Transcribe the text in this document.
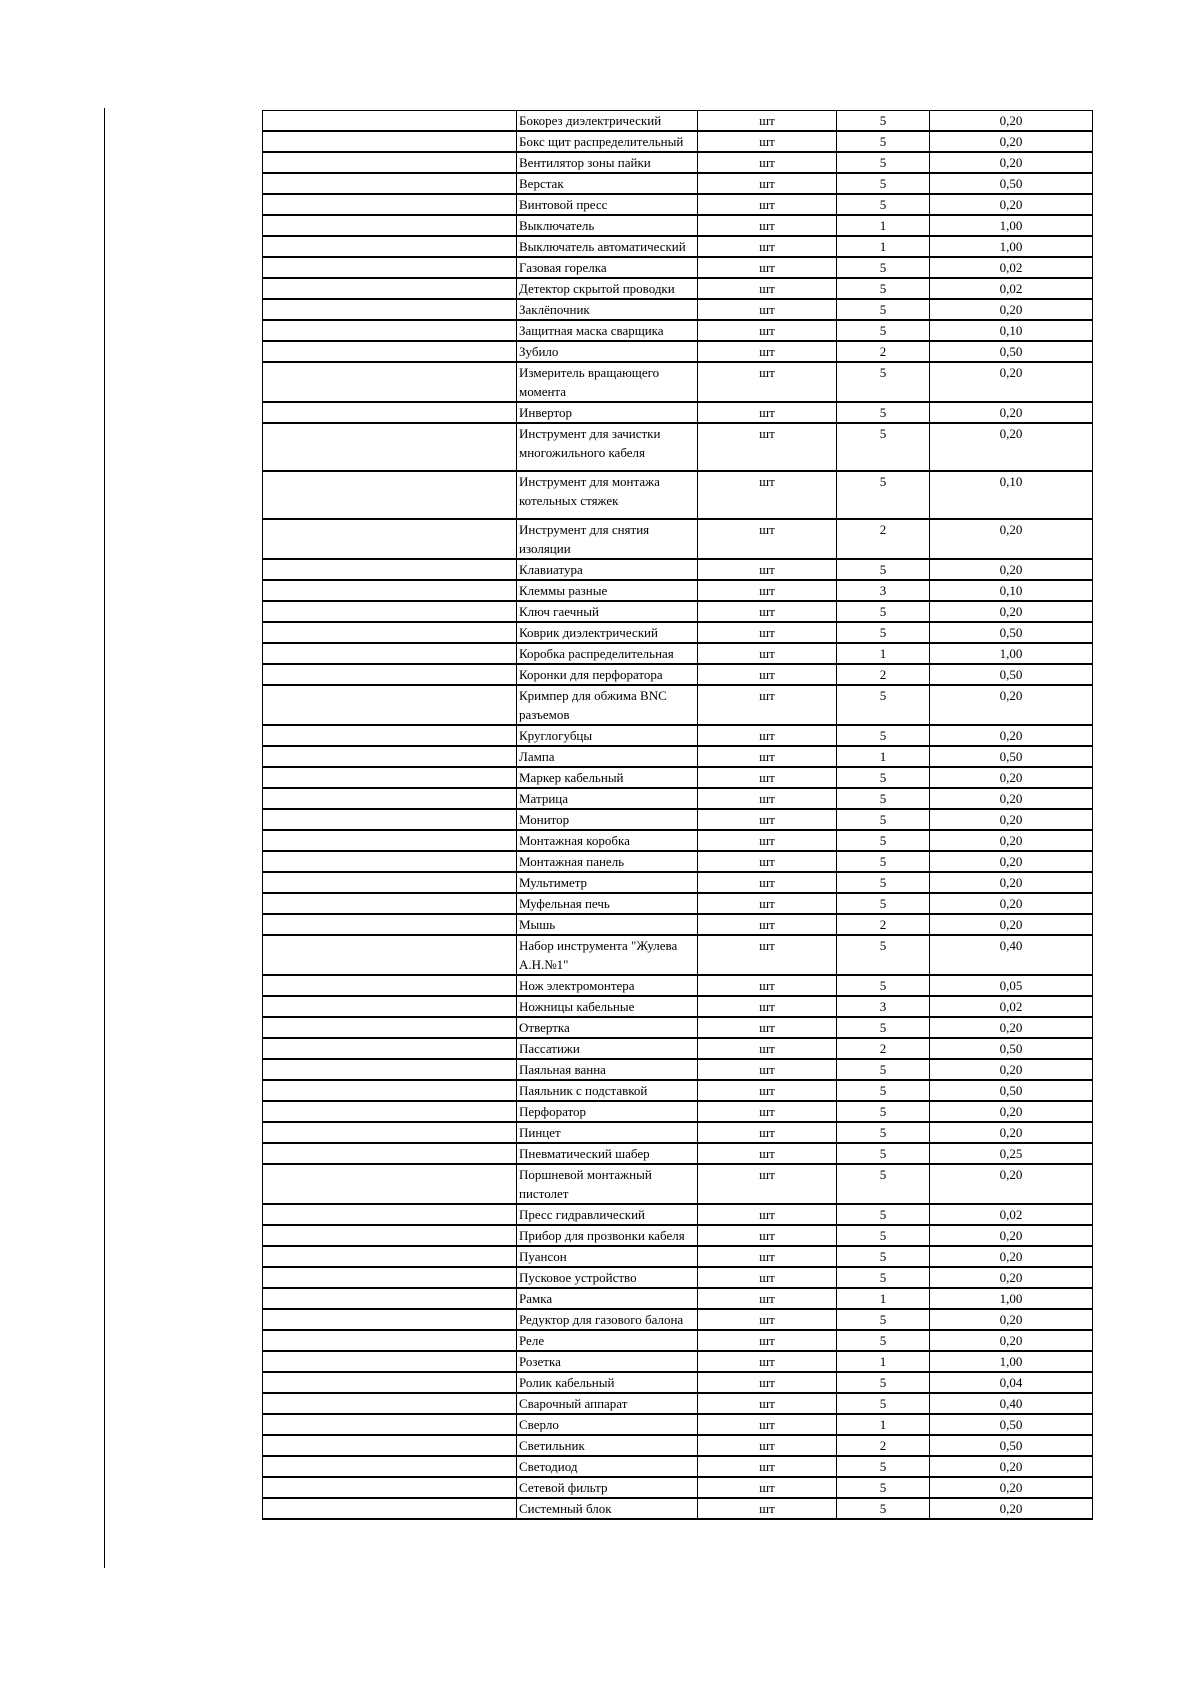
	Бокорез диэлектрический	шт	5	0,20
	Бокс щит распределительный	шт	5	0,20
	Вентилятор зоны пайки	шт	5	0,20
	Верстак	шт	5	0,50
	Винтовой пресс	шт	5	0,20
	Выключатель	шт	1	1,00
	Выключатель автоматический	шт	1	1,00
	Газовая горелка	шт	5	0,02
	Детектор скрытой проводки	шт	5	0,02
	Заклёпочник	шт	5	0,20
	Защитная маска сварщика	шт	5	0,10
	Зубило	шт	2	0,50
	Измеритель вращающего момента	шт	5	0,20
	Инвертор	шт	5	0,20
	Инструмент для зачистки многожильного кабеля	шт	5	0,20
	Инструмент для монтажа котельных стяжек	шт	5	0,10
	Инструмент для снятия изоляции	шт	2	0,20
	Клавиатура	шт	5	0,20
	Клеммы разные	шт	3	0,10
	Ключ гаечный	шт	5	0,20
	Коврик диэлектрический	шт	5	0,50
	Коробка распределительная	шт	1	1,00
	Коронки для перфоратора	шт	2	0,50
	Кримпер для обжима BNC разъемов	шт	5	0,20
	Круглогубцы	шт	5	0,20
	Лампа	шт	1	0,50
	Маркер кабельный	шт	5	0,20
	Матрица	шт	5	0,20
	Монитор	шт	5	0,20
	Монтажная коробка	шт	5	0,20
	Монтажная панель	шт	5	0,20
	Мультиметр	шт	5	0,20
	Муфельная печь	шт	5	0,20
	Мышь	шт	2	0,20
	Набор инструмента "Жулева А.Н.№1"	шт	5	0,40
	Нож электромонтера	шт	5	0,05
	Ножницы кабельные	шт	3	0,02
	Отвертка	шт	5	0,20
	Пассатижи	шт	2	0,50
	Паяльная ванна	шт	5	0,20
	Паяльник с подставкой	шт	5	0,50
	Перфоратор	шт	5	0,20
	Пинцет	шт	5	0,20
	Пневматический шабер	шт	5	0,25
	Поршневой монтажный пистолет	шт	5	0,20
	Пресс гидравлический	шт	5	0,02
	Прибор для прозвонки кабеля	шт	5	0,20
	Пуансон	шт	5	0,20
	Пусковое устройство	шт	5	0,20
	Рамка	шт	1	1,00
	Редуктор для газового балона	шт	5	0,20
	Реле	шт	5	0,20
	Розетка	шт	1	1,00
	Ролик кабельный	шт	5	0,04
	Сварочный аппарат	шт	5	0,40
	Сверло	шт	1	0,50
	Светильник	шт	2	0,50
	Светодиод	шт	5	0,20
	Сетевой фильтр	шт	5	0,20
	Системный блок	шт	5	0,20
